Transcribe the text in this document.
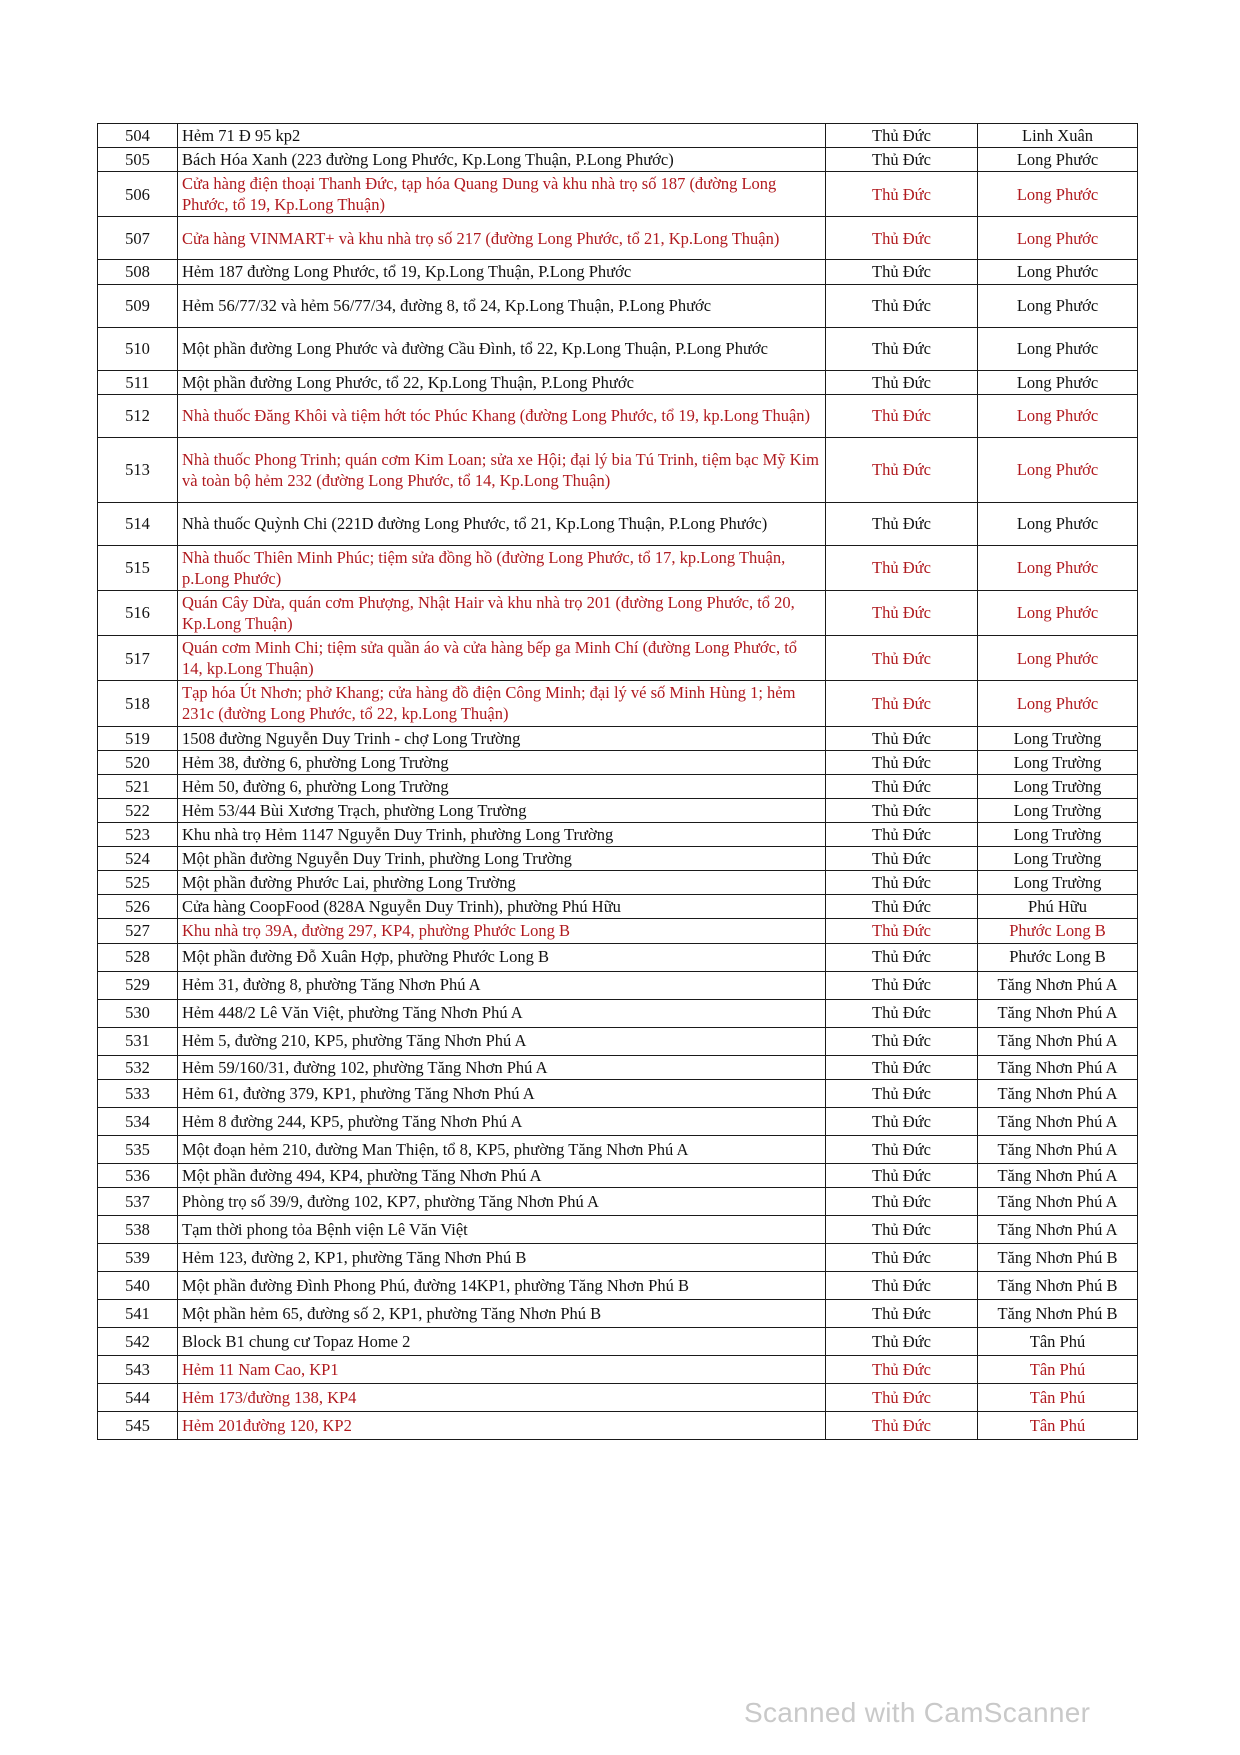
504	Hẻm 71 Đ 95 kp2	Thủ Đức	Linh Xuân
505	Bách Hóa Xanh (223 đường Long Phước, Kp.Long Thuận, P.Long Phước)	Thủ Đức	Long Phước
506	Cửa hàng điện thoại Thanh Đức, tạp hóa Quang Dung và khu nhà trọ số 187 (đường Long Phước, tổ 19, Kp.Long Thuận)	Thủ Đức	Long Phước
507	Cửa hàng VINMART+ và khu nhà trọ số 217 (đường Long Phước, tổ 21, Kp.Long Thuận)	Thủ Đức	Long Phước
508	Hẻm 187 đường Long Phước, tổ 19, Kp.Long Thuận, P.Long Phước	Thủ Đức	Long Phước
509	Hẻm 56/77/32 và hẻm 56/77/34, đường 8, tổ 24, Kp.Long Thuận, P.Long Phước	Thủ Đức	Long Phước
510	Một phần đường Long Phước và đường Cầu Đình, tổ 22, Kp.Long Thuận, P.Long Phước	Thủ Đức	Long Phước
511	Một phần đường Long Phước, tổ 22, Kp.Long Thuận, P.Long Phước	Thủ Đức	Long Phước
512	Nhà thuốc Đăng Khôi và tiệm hớt tóc Phúc Khang (đường Long Phước, tổ 19, kp.Long Thuận)	Thủ Đức	Long Phước
513	Nhà thuốc Phong Trinh; quán cơm Kim Loan; sửa xe Hội; đại lý bia Tú Trinh, tiệm bạc Mỹ Kim và toàn bộ hẻm 232 (đường Long Phước, tổ 14, Kp.Long Thuận)	Thủ Đức	Long Phước
514	Nhà thuốc Quỳnh Chi (221D đường Long Phước, tổ 21, Kp.Long Thuận, P.Long Phước)	Thủ Đức	Long Phước
515	Nhà thuốc Thiên Minh Phúc; tiệm sửa đồng hồ (đường Long Phước, tổ 17, kp.Long Thuận, p.Long Phước)	Thủ Đức	Long Phước
516	Quán Cây Dừa, quán cơm Phượng, Nhật Hair và khu nhà trọ 201 (đường Long Phước, tổ 20, Kp.Long Thuận)	Thủ Đức	Long Phước
517	Quán cơm Minh Chi; tiệm sửa quần áo và cửa hàng bếp ga Minh Chí (đường Long Phước, tổ 14, kp.Long Thuận)	Thủ Đức	Long Phước
518	Tạp hóa Út Nhơn; phở Khang; cửa hàng đồ điện Công Minh; đại lý vé số Minh Hùng 1; hẻm 231c (đường Long Phước, tổ 22, kp.Long Thuận)	Thủ Đức	Long Phước
519	1508 đường Nguyễn Duy Trinh - chợ Long Trường	Thủ Đức	Long Trường
520	Hẻm 38, đường 6, phường Long Trường	Thủ Đức	Long Trường
521	Hẻm 50, đường 6, phường Long Trường	Thủ Đức	Long Trường
522	Hẻm 53/44 Bùi Xương Trạch, phường Long Trường	Thủ Đức	Long Trường
523	Khu nhà trọ Hẻm 1147 Nguyễn Duy Trinh, phường Long Trường	Thủ Đức	Long Trường
524	Một phần đường Nguyễn Duy Trinh, phường Long Trường	Thủ Đức	Long Trường
525	Một phần đường Phước Lai, phường Long Trường	Thủ Đức	Long Trường
526	Cửa hàng CoopFood (828A Nguyễn Duy Trinh), phường Phú Hữu	Thủ Đức	Phú Hữu
527	Khu nhà trọ 39A, đường 297, KP4, phường Phước Long B	Thủ Đức	Phước Long B
528	Một phần đường Đỗ Xuân Hợp, phường Phước Long B	Thủ Đức	Phước Long B
529	Hẻm 31, đường 8, phường Tăng Nhơn Phú A	Thủ Đức	Tăng Nhơn Phú A
530	Hẻm 448/2 Lê Văn Việt, phường Tăng Nhơn Phú A	Thủ Đức	Tăng Nhơn Phú A
531	Hẻm 5, đường 210, KP5, phường Tăng Nhơn Phú A	Thủ Đức	Tăng Nhơn Phú A
532	Hẻm 59/160/31, đường 102, phường Tăng Nhơn Phú A	Thủ Đức	Tăng Nhơn Phú A
533	Hẻm 61, đường 379, KP1, phường Tăng Nhơn Phú A	Thủ Đức	Tăng Nhơn Phú A
534	Hẻm 8 đường 244, KP5, phường Tăng Nhơn Phú A	Thủ Đức	Tăng Nhơn Phú A
535	Một đoạn hẻm 210, đường Man Thiện, tổ 8, KP5, phường Tăng Nhơn Phú A	Thủ Đức	Tăng Nhơn Phú A
536	Một phần đường 494, KP4, phường Tăng Nhơn Phú A	Thủ Đức	Tăng Nhơn Phú A
537	Phòng trọ số 39/9, đường 102, KP7, phường Tăng Nhơn Phú A	Thủ Đức	Tăng Nhơn Phú A
538	Tạm thời phong tỏa Bệnh viện Lê Văn Việt	Thủ Đức	Tăng Nhơn Phú A
539	Hẻm 123, đường 2, KP1, phường Tăng Nhơn Phú B	Thủ Đức	Tăng Nhơn Phú B
540	Một phần đường Đình Phong Phú, đường 14KP1, phường Tăng Nhơn Phú B	Thủ Đức	Tăng Nhơn Phú B
541	Một phần hẻm 65, đường số 2, KP1, phường Tăng Nhơn Phú B	Thủ Đức	Tăng Nhơn Phú B
542	Block B1 chung cư Topaz Home 2	Thủ Đức	Tân Phú
543	Hẻm 11 Nam Cao, KP1	Thủ Đức	Tân Phú
544	Hẻm 173/đường 138, KP4	Thủ Đức	Tân Phú
545	Hẻm 201đường 120, KP2	Thủ Đức	Tân Phú
Scanned with CamScanner
